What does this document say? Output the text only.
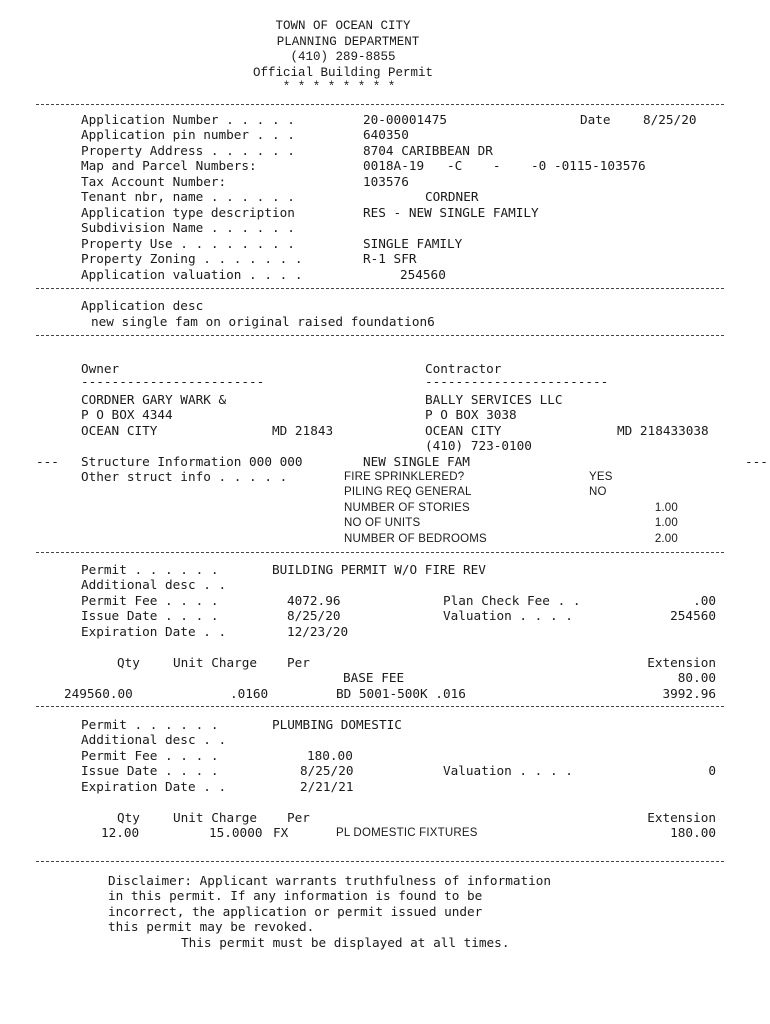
TOWN OF OCEAN CITY
PLANNING DEPARTMENT
(410) 289-8855
Official Building Permit
* * * * * * * *
Application Number . . . . .	20-00001475	Date	8/25/20
Application pin number . . .	640350
Property Address . . . . . .	8704 CARIBBEAN DR
Map and Parcel Numbers:	0018A-19   -C    -    -0 -0115-103576
Tax Account Number:	103576
Tenant nbr, name . . . . . .	CORDNER
Application type description	RES - NEW SINGLE FAMILY
Subdivision Name . . . . . .
Property Use . . . . . . . .	SINGLE FAMILY
Property Zoning . . . . . . .	R-1 SFR
Application valuation . . . .	254560
Application desc
new single fam on original raised foundation6
Owner	Contractor
------------------------	------------------------
CORDNER GARY WARK &	BALLY SERVICES LLC
P O BOX 4344	P O BOX 3038
OCEAN CITY	MD 21843	OCEAN CITY	MD 218433038
(410) 723-0100
--- Structure Information 000 000	NEW SINGLE FAM	---
Other struct info . . . . .	FIRE SPRINKLERED?	YES
PILING REQ GENERAL	NO
NUMBER OF STORIES	1.00
NO OF UNITS	1.00
NUMBER OF BEDROOMS	2.00
Permit . . . . . .	BUILDING PERMIT W/O FIRE REV
Additional desc . .
Permit Fee . . . .	4072.96	Plan Check Fee . .	.00
Issue Date . . . .	8/25/20	Valuation . . . .	254560
Expiration Date . .	12/23/20
Qty	Unit Charge Per	Extension
BASE FEE	80.00
249560.00	.0160	BD 5001-500K .016	3992.96
Permit . . . . . .	PLUMBING DOMESTIC
Additional desc . .
Permit Fee . . . .	180.00
Issue Date . . . .	8/25/20	Valuation . . . .	0
Expiration Date . .	2/21/21
Qty	Unit Charge Per	Extension
12.00	15.0000 FX	PL DOMESTIC FIXTURES	180.00
Disclaimer: Applicant warrants truthfulness of information
in this permit. If any information is found to be
incorrect, the application or permit issued under
this permit may be revoked.
This permit must be displayed at all times.
